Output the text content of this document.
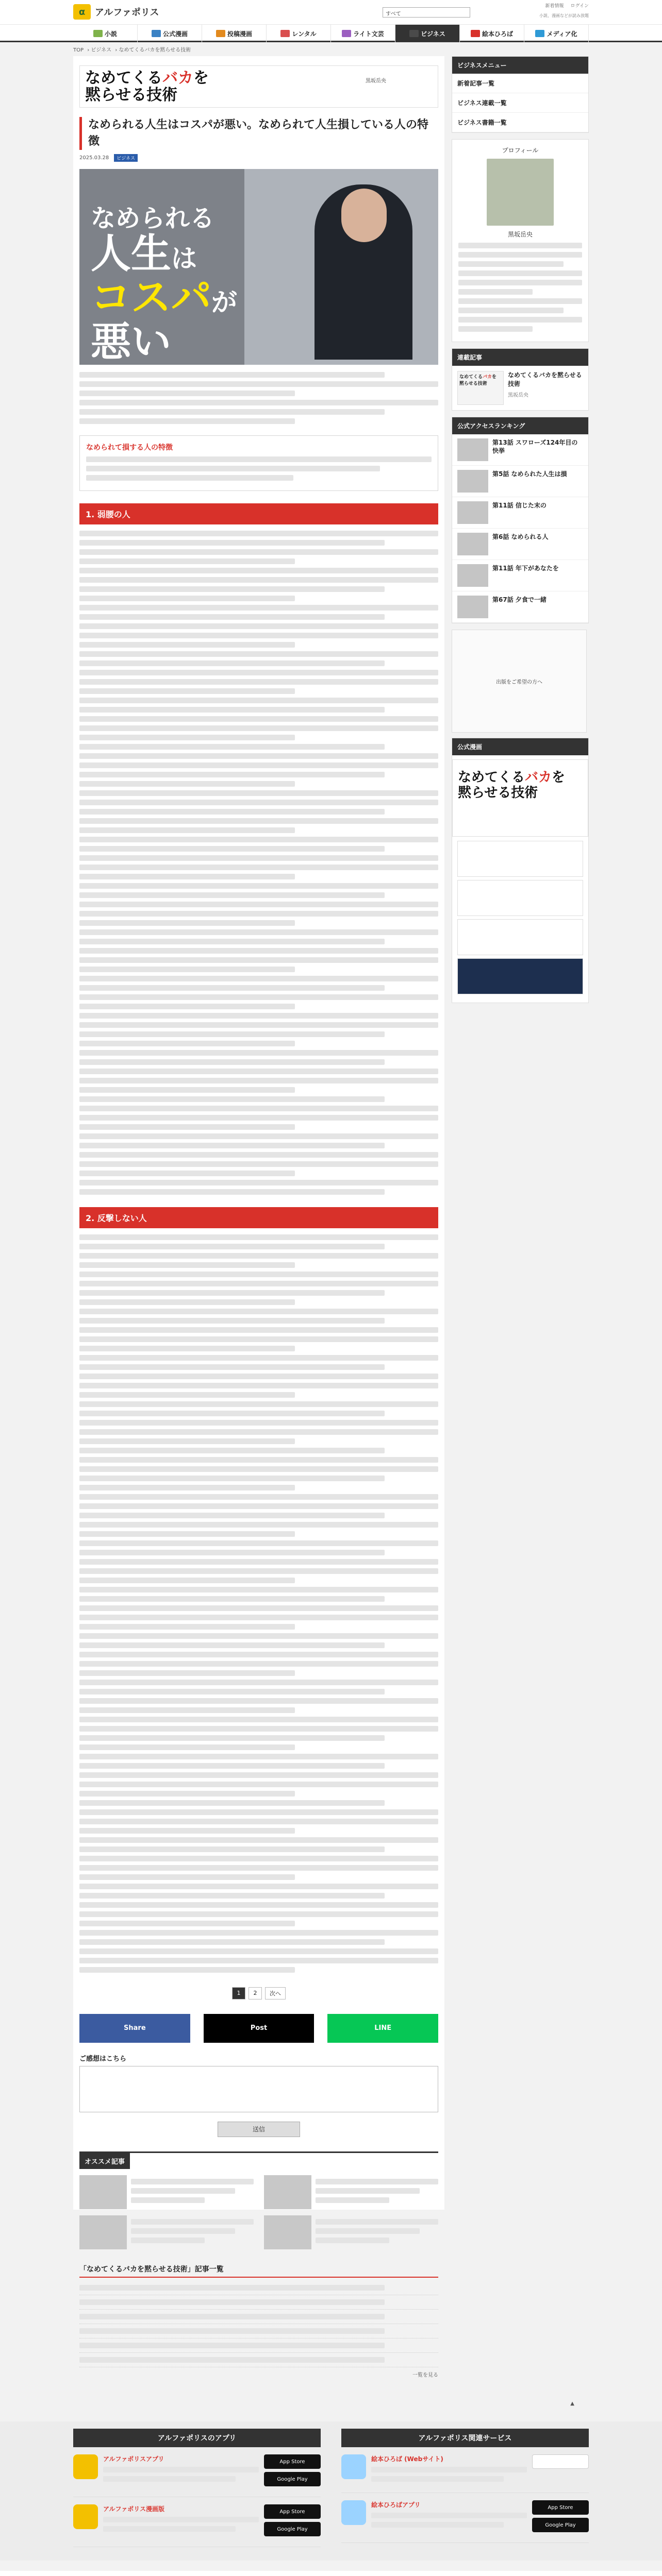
α	アルファポリス	すべて
新着情報 ログイン
小説、漫画などが読み放題
小説	公式漫画	投稿漫画	レンタル	ライト文芸	ビジネス	絵本ひろば	メディア化
TOP › ビジネス › なめてくるバカを黙らせる技術
なめてくるバカを
黙らせる技術
黒坂岳央
なめられる人生はコスパが悪い。なめられて人生損している人の特徴
2025.03.28	ビジネス
なめられる
人生は
コスパが
悪い
なめられて損する人の特徴
1. 弱腰の人
2. 反撃しない人
1	2	次へ
Share	Post	LINE
ご感想はこちら
送信
オススメ記事
「なめてくるバカを黙らせる技術」記事一覧
一覧を見る
ビジネスメニュー
新着記事一覧
ビジネス連載一覧
ビジネス書籍一覧
プロフィール
黒坂岳央
連載記事
なめてくるバカを
黙らせる技術
なめてくるバカを黙らせる技術
黒坂岳央
公式アクセスランキング
第13話 スワローズ124年目の快挙
第5話 なめられた人生は損
第11話 信じた末の
第6話 なめられる人
第11話 年下があなたを
第67話 夕食で一緒
出版をご希望の方へ
公式漫画
なめてくるバカを
黙らせる技術
▲
アルファポリスのアプリ
アルファポリスアプリ	App Store
Google Play
アルファポリス漫画版	App Store
Google Play
アルファポリス関連サービス
絵本ひろば (Webサイト)
絵本ひろばアプリ	App Store
Google Play
